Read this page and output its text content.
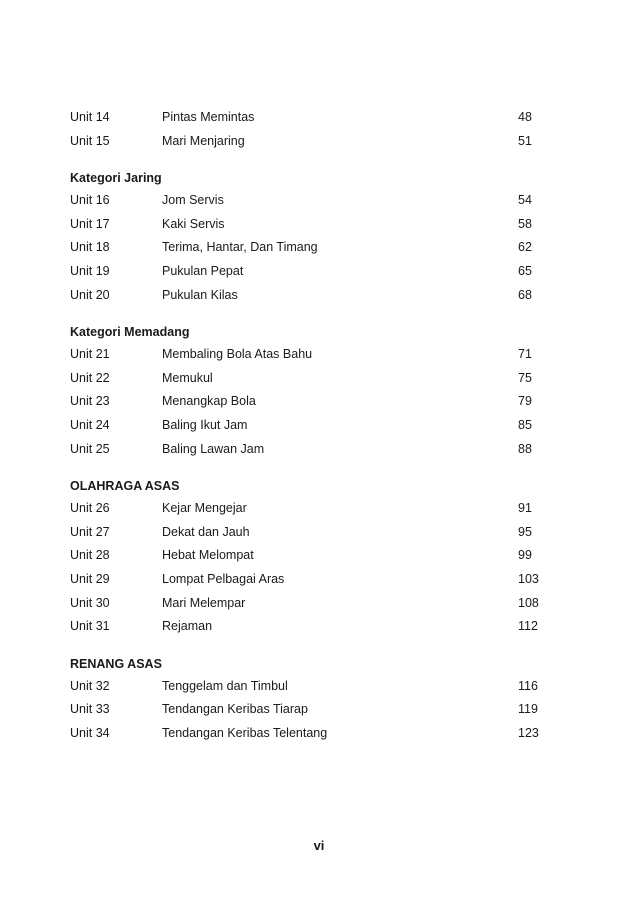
Unit 14	Pintas Memintas	48
Unit 15	Mari Menjaring	51
Kategori Jaring
Unit 16	Jom Servis	54
Unit 17	Kaki Servis	58
Unit 18	Terima, Hantar, Dan Timang	62
Unit 19	Pukulan Pepat	65
Unit 20	Pukulan Kilas	68
Kategori Memadang
Unit 21	Membaling Bola Atas Bahu	71
Unit 22	Memukul	75
Unit 23	Menangkap Bola	79
Unit 24	Baling Ikut Jam	85
Unit 25	Baling Lawan Jam	88
OLAHRAGA ASAS
Unit 26	Kejar Mengejar	91
Unit 27	Dekat dan Jauh	95
Unit 28	Hebat Melompat	99
Unit 29	Lompat Pelbagai Aras	103
Unit 30	Mari Melempar	108
Unit 31	Rejaman	112
RENANG ASAS
Unit 32	Tenggelam dan Timbul	116
Unit 33	Tendangan Keribas Tiarap	119
Unit 34	Tendangan Keribas Telentang	123
vi
